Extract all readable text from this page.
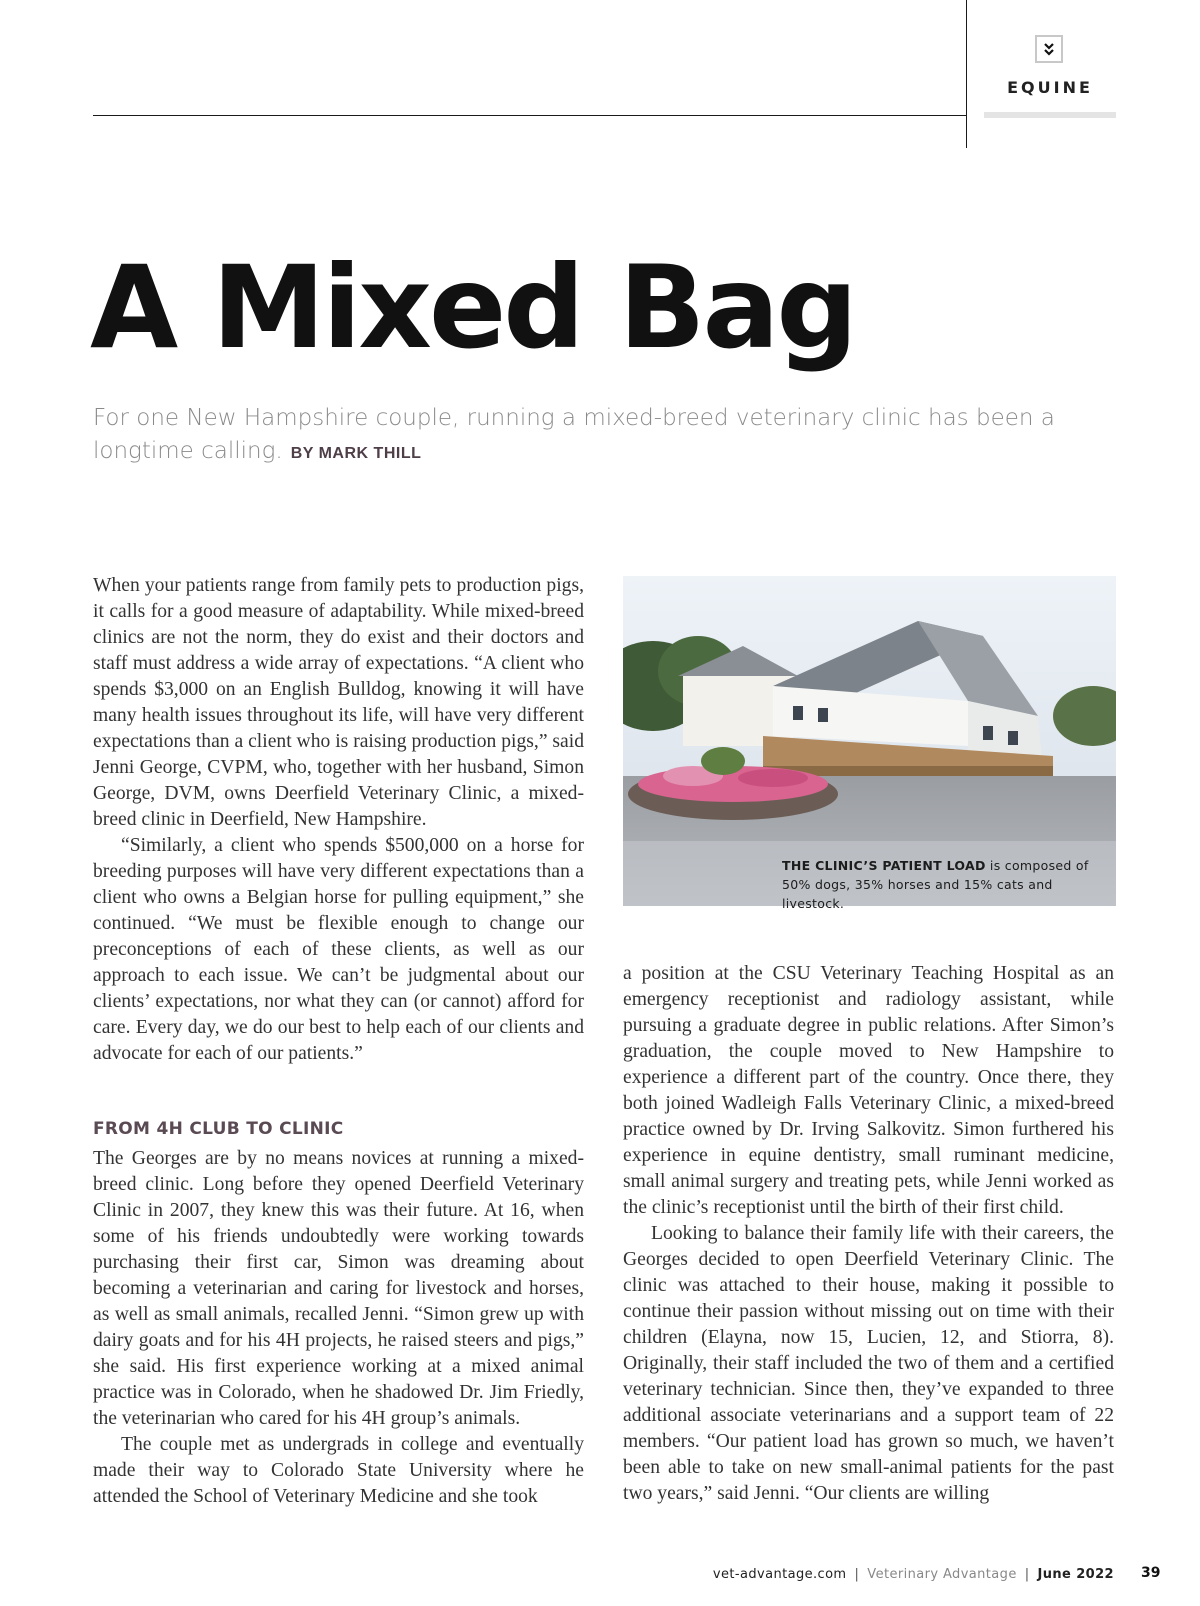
EQUINE
A Mixed Bag

For one New Hampshire couple, running a mixed-breed veterinary clinic has been a longtime calling. BY MARK THILL

When your patients range from family pets to production pigs, it calls for a good measure of adaptability. While mixed-breed clinics are not the norm, they do exist and their doctors and staff must address a wide array of expectations. “A client who spends $3,000 on an English Bulldog, knowing it will have many health issues throughout its life, will have very different expectations than a client who is raising production pigs,” said Jenni George, CVPM, who, together with her husband, Simon George, DVM, owns Deerfield Veterinary Clinic, a mixed-breed clinic in Deerfield, New Hampshire.

“Similarly, a client who spends $500,000 on a horse for breeding purposes will have very different expectations than a client who owns a Belgian horse for pulling equipment,” she continued. “We must be flexible enough to change our preconceptions of each of these clients, as well as our approach to each issue. We can’t be judgmental about our clients’ expectations, nor what they can (or cannot) afford for care. Every day, we do our best to help each of our clients and advocate for each of our patients.”

FROM 4H CLUB TO CLINIC

The Georges are by no means novices at running a mixed-breed clinic. Long before they opened Deerfield Veterinary Clinic in 2007, they knew this was their future. At 16, when some of his friends undoubtedly were working towards purchasing their first car, Simon was dreaming about becoming a veterinarian and caring for livestock and horses, as well as small animals, recalled Jenni. “Simon grew up with dairy goats and for his 4H projects, he raised steers and pigs,” she said. His first experience working at a mixed animal practice was in Colorado, when he shadowed Dr. Jim Friedly, the veterinarian who cared for his 4H group’s animals.

The couple met as undergrads in college and eventually made their way to Colorado State University where he attended the School of Veterinary Medicine and she took

THE CLINIC’S PATIENT LOAD is composed of 50% dogs, 35% horses and 15% cats and livestock.

a position at the CSU Veterinary Teaching Hospital as an emergency receptionist and radiology assistant, while pursuing a graduate degree in public relations. After Simon’s graduation, the couple moved to New Hampshire to experience a different part of the country. Once there, they both joined Wadleigh Falls Veterinary Clinic, a mixed-breed practice owned by Dr. Irving Salkovitz. Simon furthered his experience in equine dentistry, small ruminant medicine, small animal surgery and treating pets, while Jenni worked as the clinic’s receptionist until the birth of their first child.

Looking to balance their family life with their careers, the Georges decided to open Deerfield Veterinary Clinic. The clinic was attached to their house, making it possible to continue their passion without missing out on time with their children (Elayna, now 15, Lucien, 12, and Stiorra, 8). Originally, their staff included the two of them and a certified veterinary technician. Since then, they’ve expanded to three additional associate veterinarians and a support team of 22 members. “Our patient load has grown so much, we haven’t been able to take on new small-animal patients for the past two years,” said Jenni. “Our clients are willing

vet-advantage.com | Veterinary Advantage | June 2022 39
